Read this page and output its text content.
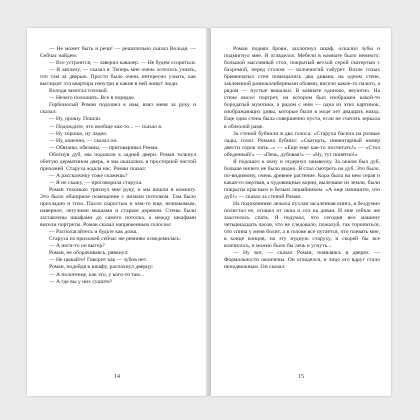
— Не может быть и речи! — решительно сказал Володя. — Сейчас найдем.

— Все устроится, — заверил кавалер. — Не будем ссориться.

— Я заплачу, — сказал я. Теперь мне очень хотелось узнать, что там за дверью. Просто было очень интересно узнать, как выглядит эта квартира изнутри и какие в ней живут люди.

Володя замотал головой.

— Нечего полошить. Все в порядке.

Горбоносый Роман подошел к нам, взял меня за руку и сказал:

— Ну, прошу. Пошли.

— Подождите, что вообще как-то... — сказал я.

— Ну хорошо, ну ладно.

— Ну, конечно, — сказал он.

— Обязаны, обязаны, — приговаривал Роман.

Обогнув дуб, мы подошли к задней двери. Роман толкнул обитую дерматином дверь, и мы оказались в просторной чистой прихожей. Старуха ждала нас. Роман сказал:

— А рассказчику тоже скажешь?

— Я не скажу, — проговорила старуха.

Роман тихонько тряхнул мне руку, и мы вошли в комнату. Это было обширное помещение с низким потолком. Там было прохладно и тихо. Пахло сыростью и чем-то еще, незнакомым, наверное, летучими мышами и старым деревом. Стены были заставлены шкафами до самого потолка, а между шкафами висели портреты. Роман сказал напряженным голосом:

— Располагайтесь и будьте как дома.

Старуха из прихожей сейчас же ревниво осведомилась:

— А ноги-то он вытер?

Роман, не оборачиваясь, рявкнул:

— Не цыкайте! Говорит как — зубов нет.

Роман, подойдя к шкафу, распахнул дверцу:

— А полотенце, как это, у кого-то там...

— А где вы у них сушите?

14

Роман поднял брови, захлопнул шкаф, оскалил зубы и подмигнул мне. Я огляделся. Мебели в комнате было немного: большой массивный стол, покрытый ветхой серой скатертью с бахромой, перед столом — колченогий табурет. Возле голых бревенчатых стен помещались два дивана, на одном стене, заклеенной разнокалиберными обоями, висело какое-то пальто, а рядом — пустые вешалки. В комнате одиноко, неуютно. На стене висел портрет, на котором был изображен какой-то бородатый мужчина, а рядом с ним — одна из этих картинок, изображающих дивы, которые были в моде лет двадцать назад. Еще одна стена была совершенно пуста, если не считать зеркала в облезлой раме.

За стеной бубнили в два голоса: «Старуха басила на разные лады, голос Романа бубнил: «Скатерть, инвентарный номер двести сорок пять...» — «Еще еще как-то посчитать!» — «Стол обеденный!» — «Печь, дубовая!» — «Ну, тут понятно!»

Я подошел к окну и отдернул занавеску. За окном был дуб, больше ничего не было видно. Я стал смотреть на дуб. Это было, по-видимому, очень древнее растение. Кора была на нем серая и какая-то мертвая, а чудовищные корни, вылезшие из земли, были покрыты красным и белым лишайником. «А еще напишите, что дуб!» — сказал за стеной Роман.

На подоконнике лежала пухлая засаленная книга, я бездумно полистал ее, отошел от окна и сел на диван. И мне сейчас же захотелось спать. Я подумал, что сегодня вел машину четырнадцать часов, что не следовало, пожалуй, так торопиться, что спина у меня болит, а в голове все путается, что плевать мне, в конце концов, на эту нудную старуху, и скорей бы все кончилось, и можно было бы лечь и уснуть...

— Ну вот, — сказал Роман, появляясь в дверях. — Формальности окончены. Он огляделся, и лицо его вдруг стало неподвижным. Он сказал:

15
